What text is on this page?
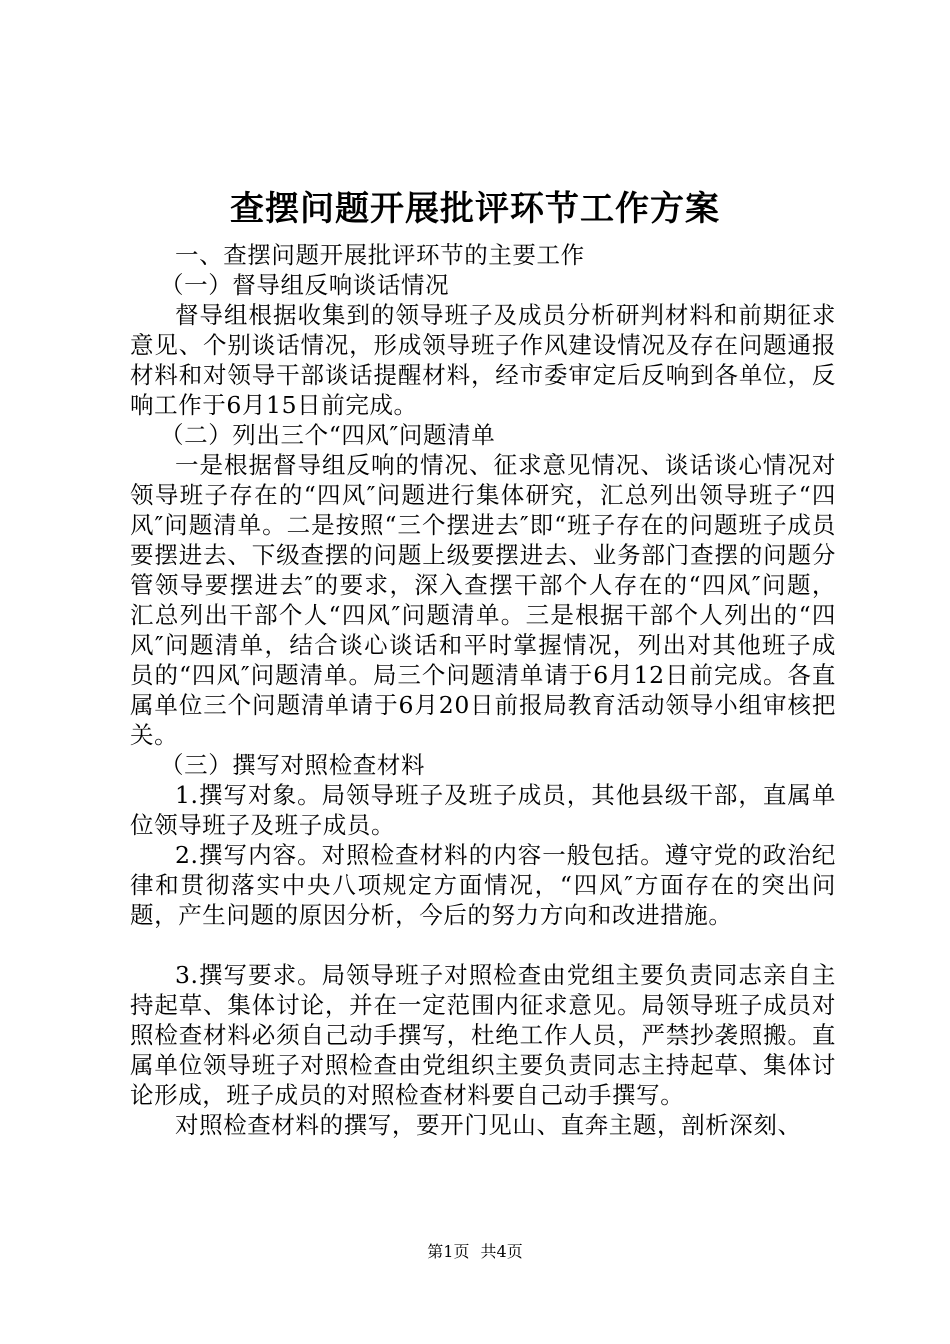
查摆问题开展批评环节工作方案

一、查摆问题开展批评环节的主要工作

（一）督导组反响谈话情况

督导组根据收集到的领导班子及成员分析研判材料和前期征求意见、个别谈话情况，形成领导班子作风建设情况及存在问题通报材料和对领导干部谈话提醒材料，经市委审定后反响到各单位，反响工作于6月15日前完成。

（二）列出三个“四风″问题清单

一是根据督导组反响的情况、征求意见情况、谈话谈心情况对领导班子存在的“四风″问题进行集体研究，汇总列出领导班子“四风″问题清单。二是按照“三个摆进去″即“班子存在的问题班子成员要摆进去、下级查摆的问题上级要摆进去、业务部门查摆的问题分管领导要摆进去″的要求，深入查摆干部个人存在的“四风″问题，汇总列出干部个人“四风″问题清单。三是根据干部个人列出的“四风″问题清单，结合谈心谈话和平时掌握情况，列出对其他班子成员的“四风″问题清单。局三个问题清单请于6月12日前完成。各直属单位三个问题清单请于6月20日前报局教育活动领导小组审核把关。

（三）撰写对照检查材料

1.撰写对象。局领导班子及班子成员，其他县级干部，直属单位领导班子及班子成员。

2.撰写内容。对照检查材料的内容一般包括。遵守党的政治纪律和贯彻落实中央八项规定方面情况，“四风″方面存在的突出问题，产生问题的原因分析，今后的努力方向和改进措施。

3.撰写要求。局领导班子对照检查由党组主要负责同志亲自主持起草、集体讨论，并在一定范围内征求意见。局领导班子成员对照检查材料必须自己动手撰写，杜绝工作人员，严禁抄袭照搬。直属单位领导班子对照检查由党组织主要负责同志主持起草、集体讨论形成，班子成员的对照检查材料要自己动手撰写。

对照检查材料的撰写，要开门见山、直奔主题，剖析深刻、

第1页 共4页
